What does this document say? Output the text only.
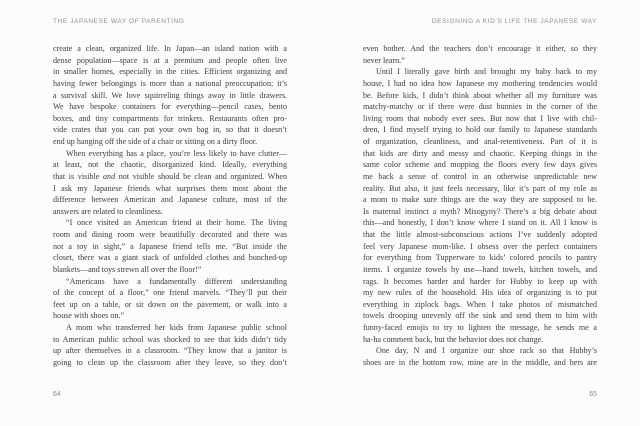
THE JAPANESE WAY OF PARENTING
create a clean, organized life. In Japan—an island nation with a
dense population—space is at a premium and people often live
in smaller homes, especially in the cities. Efficient organizing and
having fewer belongings is more than a national preoccupation; it’s
a survival skill. We love squirreling things away in little drawers.
We have bespoke containers for everything—pencil cases, bento
boxes, and tiny compartments for trinkets. Restaurants often pro-
vide crates that you can put your own bag in, so that it doesn’t
end up hanging off the side of a chair or sitting on a dirty floor.
When everything has a place, you’re less likely to have clutter—
at least, not the chaotic, disorganized kind. Ideally, everything
that is visible and not visible should be clean and organized. When
I ask my Japanese friends what surprises them most about the
difference between American and Japanese culture, most of the
answers are related to cleanliness.
“I once visited an American friend at their home. The living
room and dining room were beautifully decorated and there was
not a toy in sight,” a Japanese friend tells me. “But inside the
closet, there was a giant stack of unfolded clothes and bunched-up
blankets—and toys strewn all over the floor!”
“Americans have a fundamentally different understanding
of the concept of a floor,” one friend marvels. “They’ll put their
feet up on a table, or sit down on the pavement, or walk into a
house with shoes on.”
A mom who transferred her kids from Japanese public school
to American public school was shocked to see that kids didn’t tidy
up after themselves in a classroom. “They know that a janitor is
going to clean up the classroom after they leave, so they don’t
64
DESIGNING A KID’S LIFE THE JAPANESE WAY
even bother. And the teachers don’t encourage it either, so they
never learn.”
Until I literally gave birth and brought my baby back to my
house, I had no idea how Japanese my mothering tendencies would
be. Before kids, I didn’t think about whether all my furniture was
matchy-matchy or if there were dust bunnies in the corner of the
living room that nobody ever sees. But now that I live with chil-
dren, I find myself trying to hold our family to Japanese standards
of organization, cleanliness, and anal-retentiveness. Part of it is
that kids are dirty and messy and chaotic. Keeping things in the
same color scheme and mopping the floors every few days gives
me back a sense of control in an otherwise unpredictable new
reality. But also, it just feels necessary, like it’s part of my role as
a mom to make sure things are the way they are supposed to be.
Is maternal instinct a myth? Misogyny? There’s a big debate about
this—and honestly, I don’t know where I stand on it. All I know is
that the little almost-subconscious actions I’ve suddenly adopted
feel very Japanese mom-like. I obsess over the perfect containers
for everything from Tupperware to kids’ colored pencils to pantry
items. I organize towels by use—hand towels, kitchen towels, and
rags. It becomes harder and harder for Hubby to keep up with
my new rules of the household. His idea of organizing is to put
everything in ziplock bags. When I take photos of mismatched
towels drooping unevenly off the sink and send them to him with
funny-faced emojis to try to lighten the message, he sends me a
ha-ha comment back, but the behavior does not change.
One day, N and I organize our shoe rack so that Hubby’s
shoes are in the bottom row, mine are in the middle, and hers are
65
